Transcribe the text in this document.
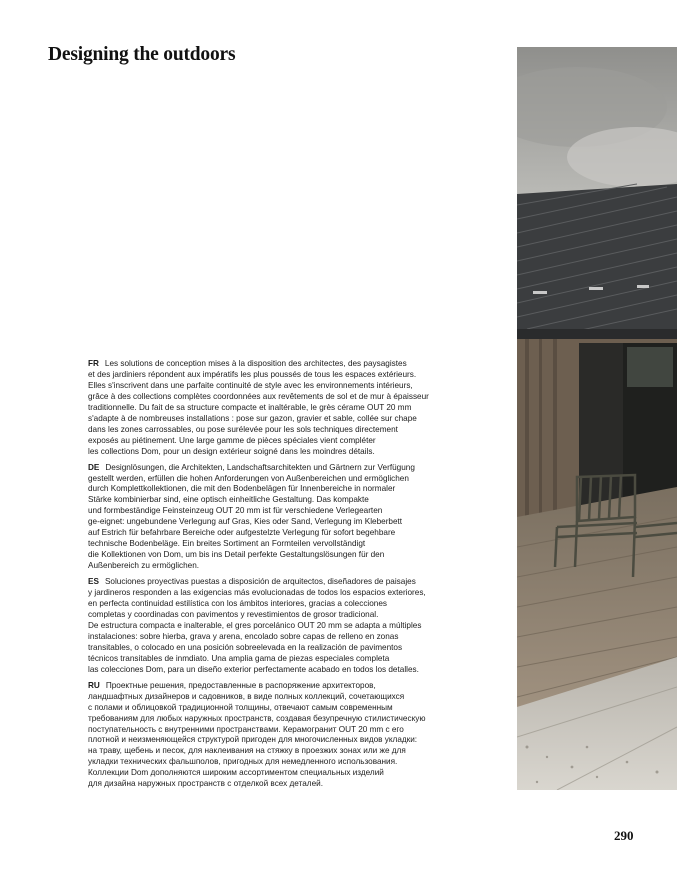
Designing the outdoors

FR Les solutions de conception mises à la disposition des architectes, des paysagistes
et des jardiniers répondent aux impératifs les plus poussés de tous les espaces extérieurs.
Elles s'inscrivent dans une parfaite continuité de style avec les environnements intérieurs,
grâce à des collections complètes coordonnées aux revêtements de sol et de mur à épaisseur
traditionnelle. Du fait de sa structure compacte et inaltérable, le grès cérame OUT 20 mm
s'adapte à de nombreuses installations : pose sur gazon, gravier et sable, collée sur chape
dans les zones carrossables, ou pose surélevée pour les sols techniques directement
exposés au piétinement. Une large gamme de pièces spéciales vient compléter
les collections Dom, pour un design extérieur soigné dans les moindres détails.

DE Designlösungen, die Architekten, Landschaftsarchitekten und Gärtnern zur Verfügung
gestellt werden, erfüllen die hohen Anforderungen von Außenbereichen und ermöglichen
durch Komplettkollektionen, die mit den Bodenbelägen für Innenbereiche in normaler
Stärke kombinierbar sind, eine optisch einheitliche Gestaltung. Das kompakte
und formbeständige Feinsteinzeug OUT 20 mm ist für verschiedene Verlegearten
ge-eignet: ungebundene Verlegung auf Gras, Kies oder Sand, Verlegung im Kleberbett
auf Estrich für befahrbare Bereiche oder aufgestelzte Verlegung für sofort begehbare
technische Bodenbeläge. Ein breites Sortiment an Formteilen vervollständigt
die Kollektionen von Dom, um bis ins Detail perfekte Gestaltungslösungen für den
Außenbereich zu ermöglichen.

ES Soluciones proyectivas puestas a disposición de arquitectos, diseñadores de paisajes
y jardineros responden a las exigencias más evolucionadas de todos los espacios exteriores,
en perfecta continuidad estilística con los ámbitos interiores, gracias a colecciones
completas y coordinadas con pavimentos y revestimientos de grosor tradicional.
De estructura compacta e inalterable, el gres porcelánico OUT 20 mm se adapta a múltiples
instalaciones: sobre hierba, grava y arena, encolado sobre capas de relleno en zonas
transitables, o colocado en una posición sobreelevada en la realización de pavimentos
técnicos transitables de inmdiato. Una amplia gama de piezas especiales completa
las colecciones Dom, para un diseño exterior perfectamente acabado en todos los detalles.

RU Проектные решения, предоставленные в распоряжение архитекторов,
ландшафтных дизайнеров и садовников, в виде полных коллекций, сочетающихся
с полами и облицовкой традиционной толщины, отвечают самым современным
требованиям для любых наружных пространств, создавая безупречную стилистическую
поступательность с внутренними пространствами. Керамогранит OUT 20 mm с его
плотной и неизменяющейся структурой пригоден для многочисленных видов укладки:
на траву, щебень и песок, для наклеивания на стяжку в проезжих зонах или же для
укладки технических фальшполов, пригодных для немедленного использования.
Коллекции Dom дополняются широким ассортиментом специальных изделий
для дизайна наружных пространств с отделкой всех деталей.

290
